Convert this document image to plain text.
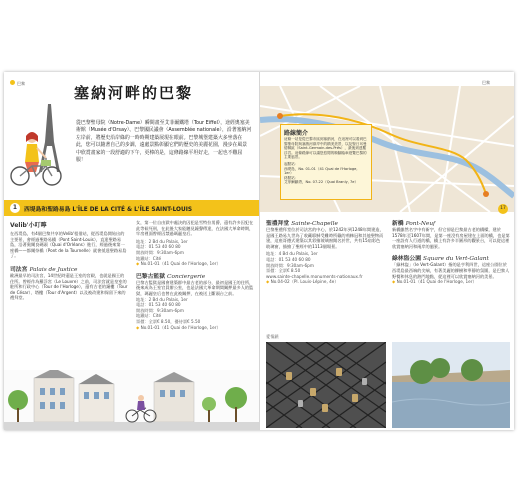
巴黎
塞納河畔的巴黎
從巴黎聖母院（Notre-Dame）瞬間畫至艾菲爾鐵塔（Tour Eiffel），途經奧塞美術館（Musée d'Orsay）、巴黎國民議會（Assemblée nationale），沿著塞納河左岸前，將歷史沿岸綠的一時時期建築展現在眼前。巴黎城堡建築大多坐落在此，您可以隨著自己的步調，遠處景點彰顯它們的歷史的美麗花園，漫步在風景中欣賞畫家的一段舒適的下午，更棒的是，這條路線平坦好走，一起也不難屈服！
1	西堤島和聖路易島 L'ÎLE DE LA CITÉ & L'ÎLE SAINT-LOUIS
Velib'小叮嚀
在西堤島，有4個巴黎共享的Velib'租借站，從西堤島開始出的主要景，會經過聖路易橋（Pont Saint-Louis），直達聖路易島，沿著奧爾良碼頭（Quai d'Orléans）進行，經過後來第一座橋——都爾奈橋（Pont de la Tournelle）就會抵達聖路易島了。
司法宮 Palais de Justice
歐洲最早的司法宮，14世紀時還是王室的宮殿，也就是國王的住所。曾經作為羅浮宮（Le Louvre）之前，司法宮就是皇室的駐所和行政中心（Tour de l'Horloge），還有古老的鐘樓（Tour de César）、塔樓（Tour d'Argent）以及被改建和保留下來的禮拜堂。
女，第一位自由獄中處決的囚犯是雪特拉男爵，還有許多囚犯在此等候死刑，在此後大家能聽見鐘聲傳達，在法國大革命時期，牢房裡面曾經囚禁過瑪麗皇后。
地址：2 Bd du Palais, 1er
電話：01 53 40 60 80
開放時間：9:30am-6pm
地鐵站：Cité
◆ No.01-01（41 Quai de l'Horloge, 1er）
巴黎古監獄 Conciergerie
巴黎古監獄是國會建築群中最古老的部分，最初是國王的住所，後來成為王室官員辦公室，也是法國大革命期間關押最多人的監獄，瑪麗皇后也曾在此被關押，在被送上斷頭台之前。
地址：2 Bd du Palais, 1er
電話：01 53 40 60 80
開放時間：9:30am-6pm
地鐵站：Cité
票價：全票€ 8.50，優待票€ 5.50
◆ No.01-01（41 Quai de l'Horloge, 1er）
巴黎
路線簡介
這條一站是從巴黎市區到塞納河，在這裡可以看到巴黎聖母院與塞納河兩岸中的精美美景，以及聖日耳曼德佩區（Saint-Germain-des-Prés），最後到達羅浮宮。這條路線可以讓您悠閒的騎腳踏車遊覽巴黎的主要風景。
起點站：
西堤島，No. 01-01（41 Quai de l'Horloge, 1er）
終點站：
艾菲爾鐵塔，No. 07-22（Quai Branly, 7e）
17
聖禮拜堂 Sainte-Chapelle
巴黎聖禮拜堂位於司法宮的中心，於1242年到1248年間建造，是國王路易九世為了收藏耶穌受難時所戴的荊棘冠和其他聖物而建，這座哥德式建築以其彩繪玻璃窗聞名於世，共有15扇彩色玻璃窗，描繪了聖經中的1113個場景。
地址：4 Bd du Palais, 1er
電話：01 53 40 60 80
開放時間：9:30am-6pm
票價：全票€ 8.50
www.sainte-chapelle.monuments-nationaux.fr
◆ No.04-02（Pl. Louis-Lépine, 4e）
新橋 Pont-Neuf
新橋雖然名字中有新字，但它卻是巴黎最古老的橋樑，建於1578年至1607年間，是第一座沒有房屋建在上面的橋，也是第一座設有人行道的橋，橋上有許多半圓形的觀景台，可以從這裡欣賞塞納河和兩岸的風景。
綠林盜公園 Square du Vert-Galant
「綠林盜」（le Vert-Galant）指的是亨利四世，這座公園位於西堤島最西端的尖端，有著美麗的柳樹和寧靜的氛圍，是巴黎人野餐和休息的熱門地點，從這裡可以欣賞塞納河的美景。
◆ No.01-01（41 Quai de l'Horloge, 1er）
愛情鎖
